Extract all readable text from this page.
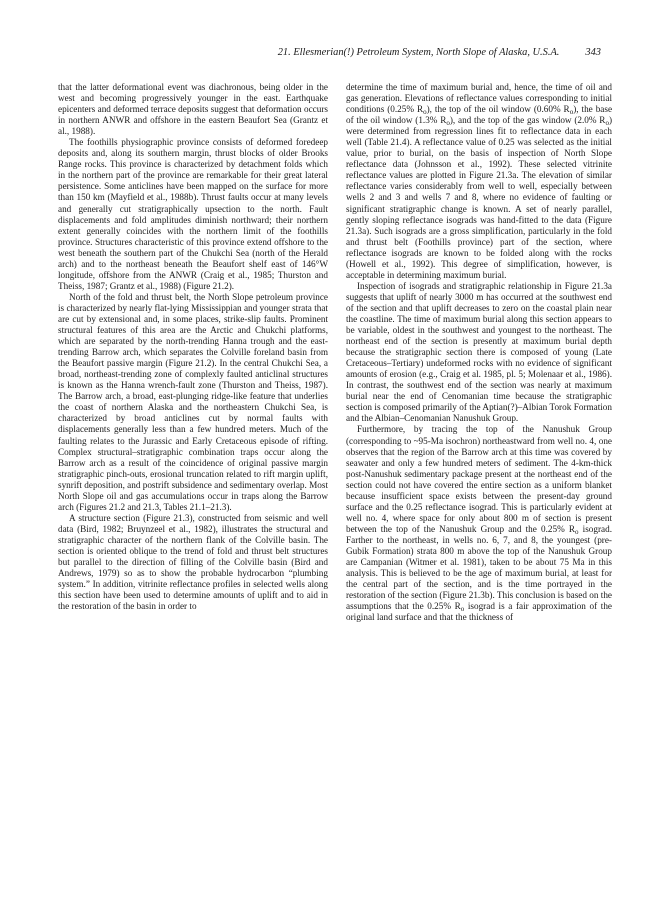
21. Ellesmerian(!) Petroleum System, North Slope of Alaska, U.S.A.	343

that the latter deformational event was diachronous, being older in the west and becoming progressively younger in the east. Earthquake epicenters and deformed terrace deposits suggest that deformation occurs in northern ANWR and offshore in the eastern Beaufort Sea (Grantz et al., 1988).

The foothills physiographic province consists of deformed foredeep deposits and, along its southern margin, thrust blocks of older Brooks Range rocks. This province is characterized by detachment folds which in the northern part of the province are remarkable for their great lateral persistence. Some anticlines have been mapped on the surface for more than 150 km (Mayfield et al., 1988b). Thrust faults occur at many levels and generally cut stratigraphically upsection to the north. Fault displacements and fold amplitudes diminish northward; their northern extent generally coincides with the northern limit of the foothills province. Structures characteristic of this province extend offshore to the west beneath the southern part of the Chukchi Sea (north of the Herald arch) and to the northeast beneath the Beaufort shelf east of 146°W longitude, offshore from the ANWR (Craig et al., 1985; Thurston and Theiss, 1987; Grantz et al., 1988) (Figure 21.2).

North of the fold and thrust belt, the North Slope petroleum province is characterized by nearly flat-lying Mississippian and younger strata that are cut by extensional and, in some places, strike-slip faults. Prominent structural features of this area are the Arctic and Chukchi platforms, which are separated by the north-trending Hanna trough and the east-trending Barrow arch, which separates the Colville foreland basin from the Beaufort passive margin (Figure 21.2). In the central Chukchi Sea, a broad, northeast-trending zone of complexly faulted anticlinal structures is known as the Hanna wrench-fault zone (Thurston and Theiss, 1987). The Barrow arch, a broad, east-plunging ridge-like feature that underlies the coast of northern Alaska and the northeastern Chukchi Sea, is characterized by broad anticlines cut by normal faults with displacements generally less than a few hundred meters. Much of the faulting relates to the Jurassic and Early Cretaceous episode of rifting. Complex structural–stratigraphic combination traps occur along the Barrow arch as a result of the coincidence of original passive margin stratigraphic pinch-outs, erosional truncation related to rift margin uplift, synrift deposition, and postrift subsidence and sedimentary overlap. Most North Slope oil and gas accumulations occur in traps along the Barrow arch (Figures 21.2 and 21.3, Tables 21.1–21.3).

A structure section (Figure 21.3), constructed from seismic and well data (Bird, 1982; Bruynzeel et al., 1982), illustrates the structural and stratigraphic character of the northern flank of the Colville basin. The section is oriented oblique to the trend of fold and thrust belt structures but parallel to the direction of filling of the Colville basin (Bird and Andrews, 1979) so as to show the probable hydrocarbon “plumbing system.” In addition, vitrinite reflectance profiles in selected wells along this section have been used to determine amounts of uplift and to aid in the restoration of the basin in order to

determine the time of maximum burial and, hence, the time of oil and gas generation. Elevations of reflectance values corresponding to initial conditions (0.25% $R_o$), the top of the oil window (0.60% $R_o$), the base of the oil window (1.3% $R_o$), and the top of the gas window (2.0% $R_o$) were determined from regression lines fit to reflectance data in each well (Table 21.4). A reflectance value of 0.25 was selected as the initial value, prior to burial, on the basis of inspection of North Slope reflectance data (Johnsson et al., 1992). These selected vitrinite reflectance values are plotted in Figure 21.3a. The elevation of similar reflectance varies considerably from well to well, especially between wells 2 and 3 and wells 7 and 8, where no evidence of faulting or significant stratigraphic change is known. A set of nearly parallel, gently sloping reflectance isograds was hand-fitted to the data (Figure 21.3a). Such isograds are a gross simplification, particularly in the fold and thrust belt (Foothills province) part of the section, where reflectance isograds are known to be folded along with the rocks (Howell et al., 1992). This degree of simplification, however, is acceptable in determining maximum burial.

Inspection of isograds and stratigraphic relationship in Figure 21.3a suggests that uplift of nearly 3000 m has occurred at the southwest end of the section and that uplift decreases to zero on the coastal plain near the coastline. The time of maximum burial along this section appears to be variable, oldest in the southwest and youngest to the northeast. The northeast end of the section is presently at maximum burial depth because the stratigraphic section there is composed of young (Late Cretaceous–Tertiary) undeformed rocks with no evidence of significant amounts of erosion (e.g., Craig et al. 1985, pl. 5; Molenaar et al., 1986). In contrast, the southwest end of the section was nearly at maximum burial near the end of Cenomanian time because the stratigraphic section is composed primarily of the Aptian(?)–Albian Torok Formation and the Albian–Cenomanian Nanushuk Group.

Furthermore, by tracing the top of the Nanushuk Group (corresponding to ~95-Ma isochron) northeastward from well no. 4, one observes that the region of the Barrow arch at this time was covered by seawater and only a few hundred meters of sediment. The 4-km-thick post-Nanushuk sedimentary package present at the northeast end of the section could not have covered the entire section as a uniform blanket because insufficient space exists between the present-day ground surface and the 0.25 reflectance isograd. This is particularly evident at well no. 4, where space for only about 800 m of section is present between the top of the Nanushuk Group and the 0.25% $R_o$ isograd. Farther to the northeast, in wells no. 6, 7, and 8, the youngest (pre-Gubik Formation) strata 800 m above the top of the Nanushuk Group are Campanian (Witmer et al. 1981), taken to be about 75 Ma in this analysis. This is believed to be the age of maximum burial, at least for the central part of the section, and is the time portrayed in the restoration of the section (Figure 21.3b). This conclusion is based on the assumptions that the 0.25% $R_o$ isograd is a fair approximation of the original land surface and that the thickness of
